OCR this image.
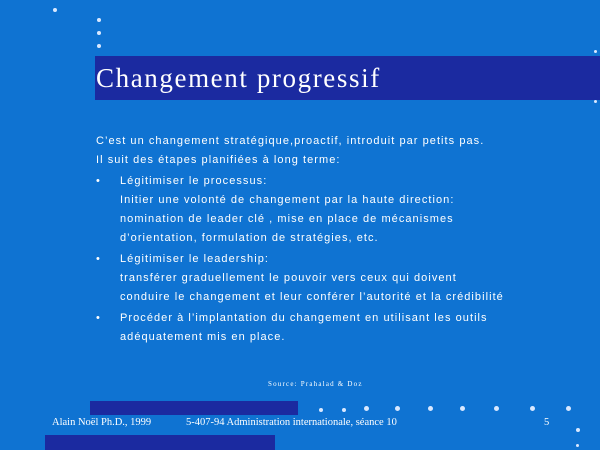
Changement progressif
C’est un changement stratégique,proactif, introduit par petits pas.
Il suit des étapes planifiées à long terme:
•	Légitimiser le processus:
Initier une volonté de changement par la haute direction:
nomination de leader clé , mise en place de mécanismes
d’orientation, formulation de stratégies, etc.
•	Légitimiser le leadership:
transférer graduellement le pouvoir vers ceux qui doivent
conduire le changement et leur conférer l’autorité et la crédibilité
•	Procéder à l’implantation du changement en utilisant les outils
adéquatement mis en place.
Source: Prahalad & Doz
Alain Noël Ph.D., 1999	5-407-94 Administration internationale, séance 10	5
